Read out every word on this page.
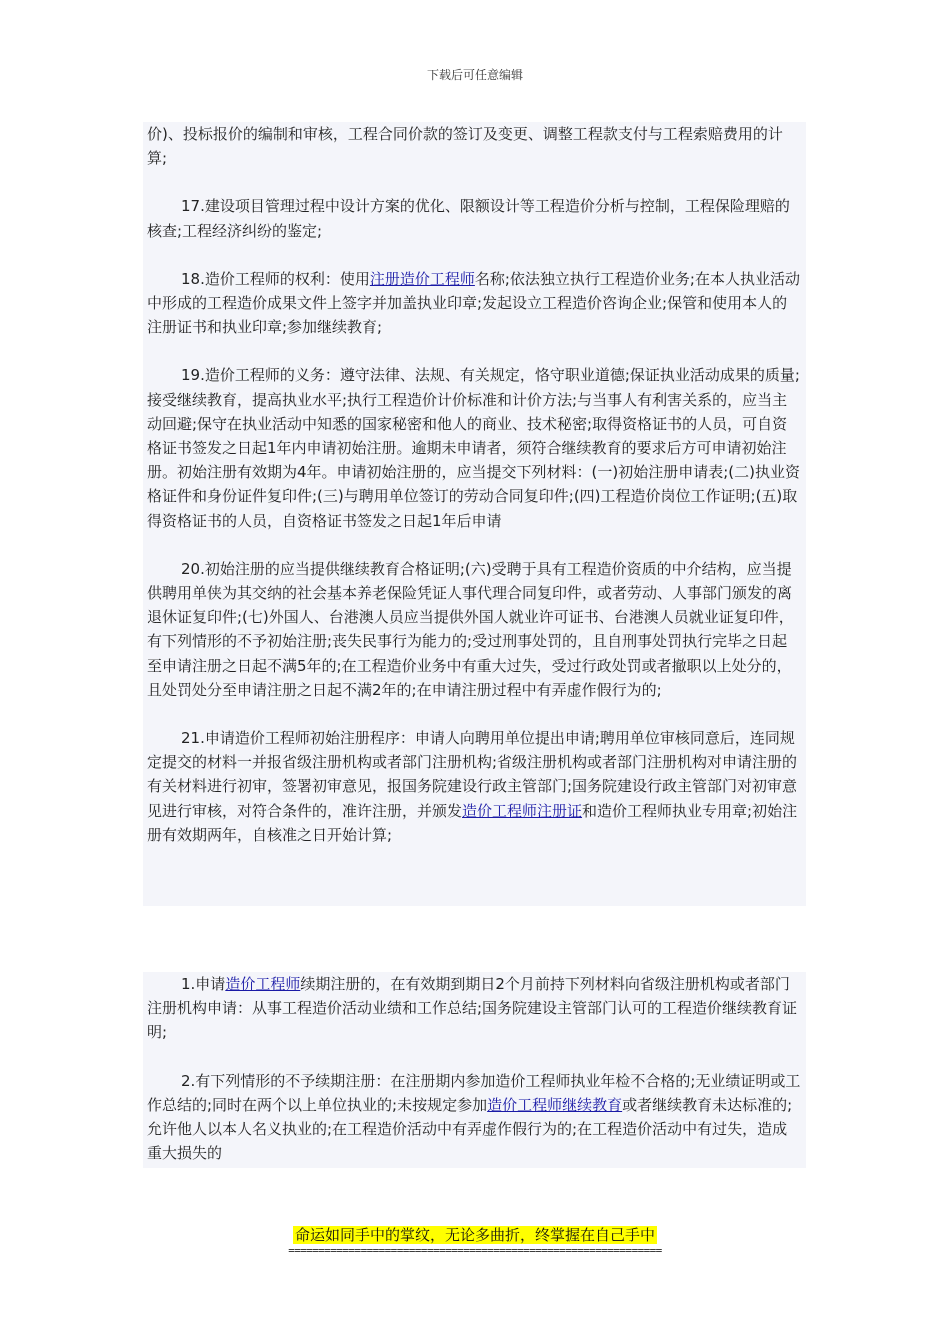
下载后可任意编辑

价)、投标报价的编制和审核，工程合同价款的签订及变更、调整工程款支付与工程索赔费用的计算;

17.建设项目管理过程中设计方案的优化、限额设计等工程造价分析与控制，工程保险理赔的核查;工程经济纠纷的鉴定;

18.造价工程师的权利：使用注册造价工程师名称;依法独立执行工程造价业务;在本人执业活动中形成的工程造价成果文件上签字并加盖执业印章;发起设立工程造价咨询企业;保管和使用本人的注册证书和执业印章;参加继续教育;

19.造价工程师的义务：遵守法律、法规、有关规定，恪守职业道德;保证执业活动成果的质量;接受继续教育，提高执业水平;执行工程造价计价标准和计价方法;与当事人有利害关系的，应当主动回避;保守在执业活动中知悉的国家秘密和他人的商业、技术秘密;取得资格证书的人员，可自资格证书签发之日起1年内申请初始注册。逾期未申请者，须符合继续教育的要求后方可申请初始注册。初始注册有效期为4年。申请初始注册的，应当提交下列材料：(一)初始注册申请表;(二)执业资格证件和身份证件复印件;(三)与聘用单位签订的劳动合同复印件;(四)工程造价岗位工作证明;(五)取得资格证书的人员，自资格证书签发之日起1年后申请

20.初始注册的应当提供继续教育合格证明;(六)受聘于具有工程造价资质的中介结构，应当提供聘用单侠为其交纳的社会基本养老保险凭证人事代理合同复印件，或者劳动、人事部门颁发的离退休证复印件;(七)外国人、台港澳人员应当提供外国人就业许可证书、台港澳人员就业证复印件，有下列情形的不予初始注册;丧失民事行为能力的;受过刑事处罚的，且自刑事处罚执行完毕之日起至申请注册之日起不满5年的;在工程造价业务中有重大过失，受过行政处罚或者撤职以上处分的，且处罚处分至申请注册之日起不满2年的;在申请注册过程中有弄虚作假行为的;

21.申请造价工程师初始注册程序：申请人向聘用单位提出申请;聘用单位审核同意后，连同规定提交的材料一并报省级注册机构或者部门注册机构;省级注册机构或者部门注册机构对申请注册的有关材料进行初审，签署初审意见，报国务院建设行政主管部门;国务院建设行政主管部门对初审意见进行审核，对符合条件的，准许注册，并颁发造价工程师注册证和造价工程师执业专用章;初始注册有效期两年，自核准之日开始计算;

1.申请造价工程师续期注册的，在有效期到期日2个月前持下列材料向省级注册机构或者部门注册机构申请：从事工程造价活动业绩和工作总结;国务院建设主管部门认可的工程造价继续教育证明;

2.有下列情形的不予续期注册：在注册期内参加造价工程师执业年检不合格的;无业绩证明或工作总结的;同时在两个以上单位执业的;未按规定参加造价工程师继续教育或者继续教育未达标准的;允许他人以本人名义执业的;在工程造价活动中有弄虚作假行为的;在工程造价活动中有过失，造成重大损失的

命运如同手中的掌纹，无论多曲折，终掌握在自己手中
==============================================================
